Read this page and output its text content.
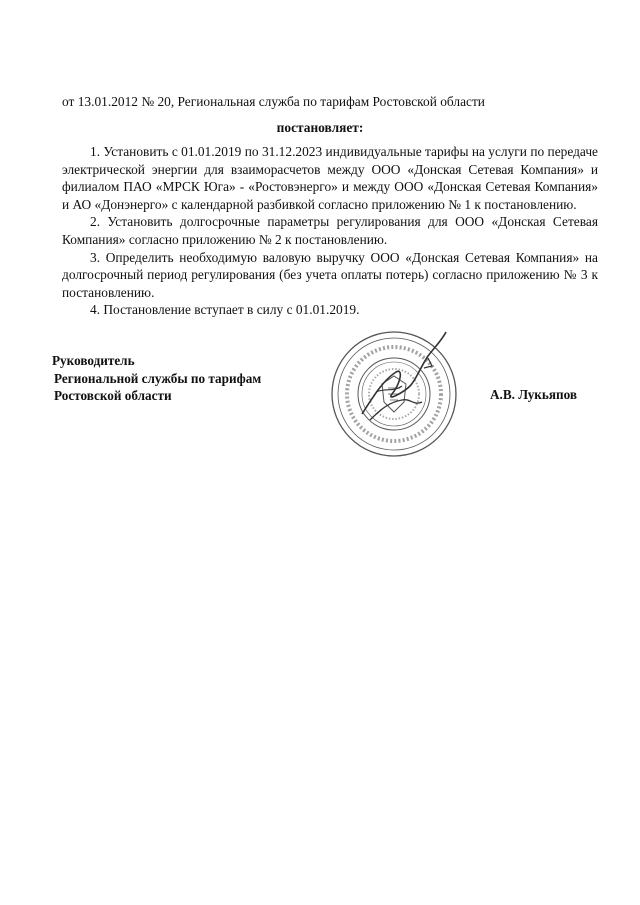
от 13.01.2012 № 20, Региональная служба по тарифам Ростовской области
постановляет:

1. Установить с 01.01.2019 по 31.12.2023 индивидуальные тарифы на услуги по передаче электрической энергии для взаиморасчетов между ООО «Донская Сетевая Компания» и филиалом ПАО «МРСК Юга» - «Ростовэнерго» и между ООО «Донская Сетевая Компания» и АО «Донэнерго» с календарной разбивкой согласно приложению № 1 к постановлению.

2. Установить долгосрочные параметры регулирования для ООО «Донская Сетевая Компания» согласно приложению № 2 к постановлению.

3. Определить необходимую валовую выручку ООО «Донская Сетевая Компания» на долгосрочный период регулирования (без учета оплаты потерь) согласно приложению № 3 к постановлению.

4. Постановление вступает в силу с 01.01.2019.

Руководитель
Региональной службы по тарифам
Ростовской области	А.В. Лукьяпов
